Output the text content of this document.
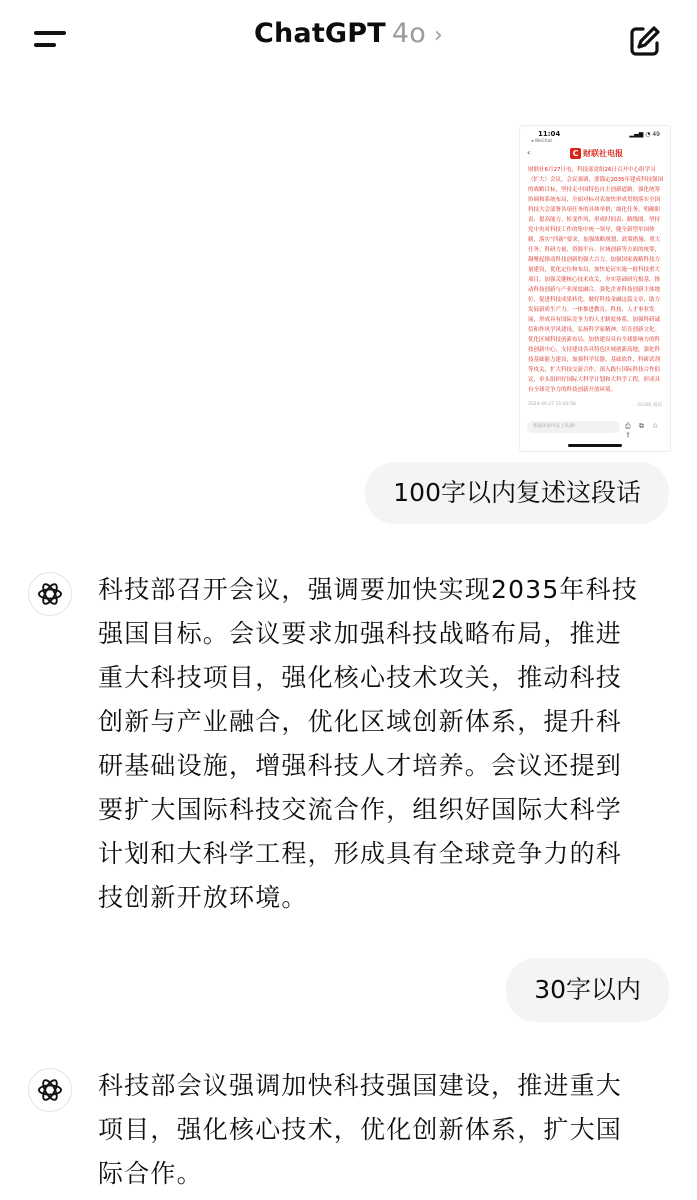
ChatGPT 4o ›
11:04
◂ WeChat
▂▄▆ ◔ 49
‹	C 财联社电报
财联社6月27日电，科技部党组26日召开中心组学习（扩大）会议。会议强调，要锚定2035年建成科技强国的战略目标，坚持走中国特色自主创新道路，强化统筹协调和系统布局，全面对标对表加快形成贯彻落实全国科技大会部署各项任务的具体举措，细化任务、明确职责、提高能力、转变作风，形成时间表、路线图。坚持党中央对科技工作的集中统一领导，健全新型举国体制，落实“四新”要求，加强战略规划、政策措施、重大任务、科研力量、资源平台、区域创新等方面的统筹，凝聚起推动科技创新的强大合力。加强国家战略科技力量建设，优化定位和布局，加快论证实施一批科技重大项目，加强关键核心技术攻关，夯实基础研究根基，推动科技创新与产业深度融合，强化企业科技创新主体地位，促进科技成果转化，做好科技金融这篇文章，助力发展新质生产力。一体推进教育、科技、人才事业发展，形成具有国际竞争力的人才制度体系，加强科研诚信和作风学风建设，弘扬科学家精神，培育创新文化。优化区域科技创新布局，加快建设具有全球影响力的科技创新中心，支持建设各具特色区域创新高地，强化科技基础能力建设，加强科学仪器、基础软件、科研试剂等攻关，扩大科技交流合作，深入践行国际科技合作倡议，牵头组织好国际大科学计划和大科学工程，形成具有全球竞争力的科技创新开放环境。
2024-06-27 11:03:58	24395 阅读
优质评论可以上头条!	⎙ ⧉ ☆ ⇪
100字以内复述这段话
科技部召开会议，强调要加快实现2035年科技强国目标。会议要求加强科技战略布局，推进重大科技项目，强化核心技术攻关，推动科技创新与产业融合，优化区域创新体系，提升科研基础设施，增强科技人才培养。会议还提到要扩大国际科技交流合作，组织好国际大科学计划和大科学工程，形成具有全球竞争力的科技创新开放环境。
30字以内
科技部会议强调加快科技强国建设，推进重大项目，强化核心技术，优化创新体系，扩大国际合作。
